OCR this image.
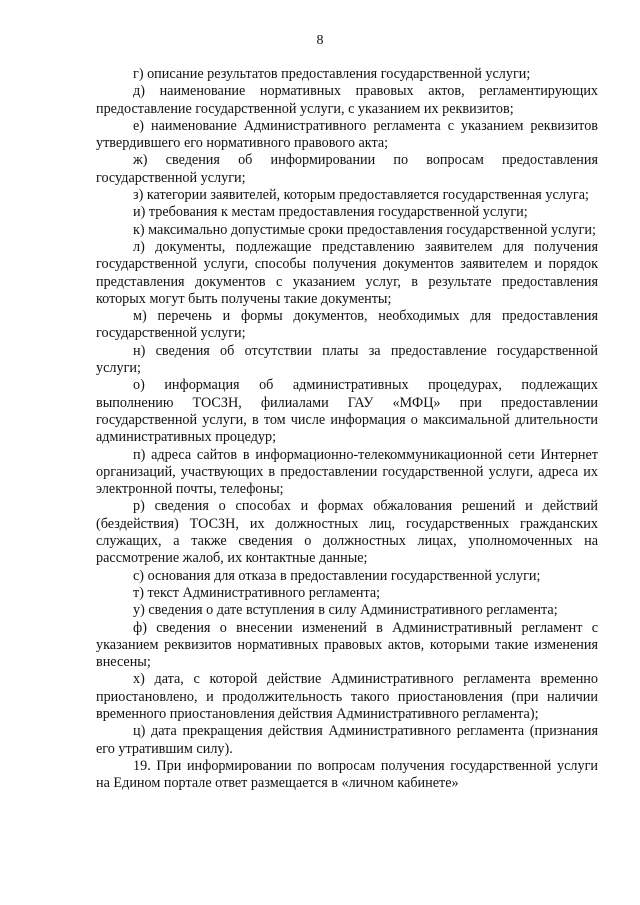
8

г) описание результатов предоставления государственной услуги;

д) наименование нормативных правовых актов, регламентирующих предоставление государственной услуги, с указанием их реквизитов;

е) наименование Административного регламента с указанием реквизитов утвердившего его нормативного правового акта;

ж) сведения об информировании по вопросам предоставления государственной услуги;

з) категории заявителей, которым предоставляется государственная услуга;

и) требования к местам предоставления государственной услуги;

к) максимально допустимые сроки предоставления государственной услуги;

л) документы, подлежащие представлению заявителем для получения государственной услуги, способы получения документов заявителем и порядок представления документов с указанием услуг, в результате предоставления которых могут быть получены такие документы;

м) перечень и формы документов, необходимых для предоставления государственной услуги;

н) сведения об отсутствии платы за предоставление государственной услуги;

о) информация об административных процедурах, подлежащих выполнению ТОСЗН, филиалами ГАУ «МФЦ» при предоставлении государственной услуги, в том числе информация о максимальной длительности административных процедур;

п) адреса сайтов в информационно-телекоммуникационной сети Интернет организаций, участвующих в предоставлении государственной услуги, адреса их электронной почты, телефоны;

р) сведения о способах и формах обжалования решений и действий (бездействия) ТОСЗН, их должностных лиц, государственных гражданских служащих, а также сведения о должностных лицах, уполномоченных на рассмотрение жалоб, их контактные данные;

с) основания для отказа в предоставлении государственной услуги;

т) текст Административного регламента;

у) сведения о дате вступления в силу Административного регламента;

ф) сведения о внесении изменений в Административный регламент с указанием реквизитов нормативных правовых актов, которыми такие изменения внесены;

х) дата, с которой действие Административного регламента временно приостановлено, и продолжительность такого приостановления (при наличии временного приостановления действия Административного регламента);

ц) дата прекращения действия Административного регламента (признания его утратившим силу).

19. При информировании по вопросам получения государственной услуги на Едином портале ответ размещается в «личном кабинете»
